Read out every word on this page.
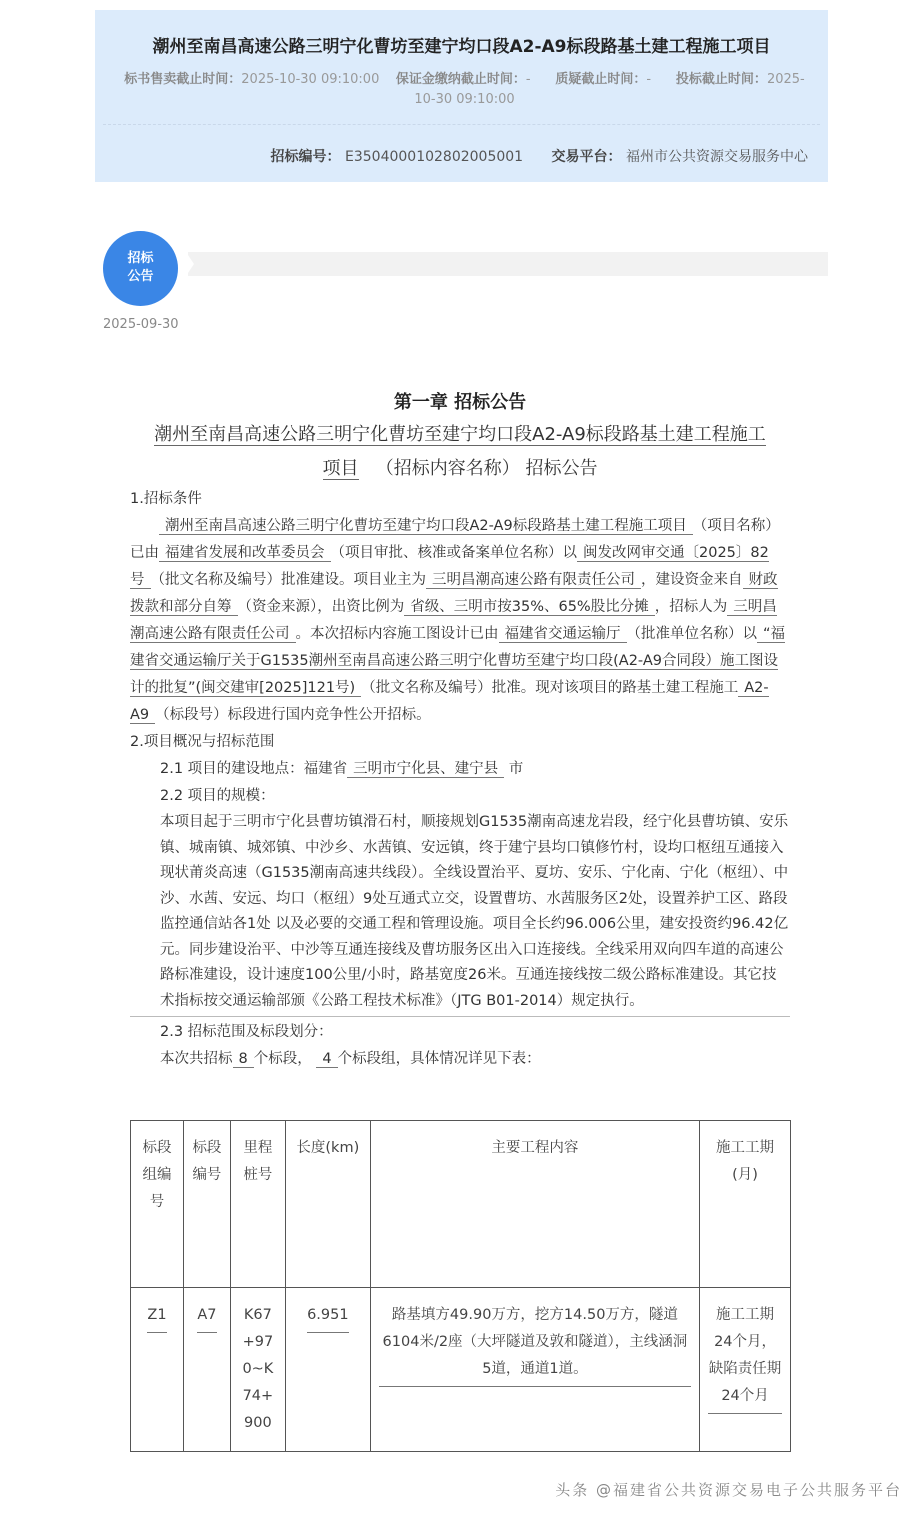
潮州至南昌高速公路三明宁化曹坊至建宁均口段A2-A9标段路基土建工程施工项目
标书售卖截止时间：2025-10-30 09:10:00 保证金缴纳截止时间：- 质疑截止时间：- 投标截止时间：2025-10-30 09:10:00
招标编号： E3504000102802005001 交易平台： 福州市公共资源交易服务中心
招标
公告
2025-09-30
第一章 招标公告
潮州至南昌高速公路三明宁化曹坊至建宁均口段A2-A9标段路基土建工程施工
项目 （招标内容名称） 招标公告
1.招标条件
潮州至南昌高速公路三明宁化曹坊至建宁均口段A2-A9标段路基土建工程施工项目 （项目名称）已由 福建省发展和改革委员会 （项目审批、核准或备案单位名称）以 闽发改网审交通〔2025〕82 号 （批文名称及编号）批准建设。项目业主为 三明昌潮高速公路有限责任公司 ，建设资金来自 财政拨款和部分自筹 （资金来源），出资比例为 省级、三明市按35%、65%股比分摊 ，招标人为 三明昌潮高速公路有限责任公司 。本次招标内容施工图设计已由 福建省交通运输厅 （批准单位名称）以 “福建省交通运输厅关于G1535潮州至南昌高速公路三明宁化曹坊至建宁均口段(A2-A9合同段）施工图设计的批复”(闽交建审[2025]121号) （批文名称及编号）批准。现对该项目的路基土建工程施工 A2-A9 （标段号）标段进行国内竞争性公开招标。
2.项目概况与招标范围
2.1 项目的建设地点：福建省 三明市宁化县、建宁县 市
2.2 项目的规模：
本项目起于三明市宁化县曹坊镇滑石村，顺接规划G1535潮南高速龙岩段，经宁化县曹坊镇、安乐镇、城南镇、城郊镇、中沙乡、水茜镇、安远镇，终于建宁县均口镇修竹村，设均口枢纽互通接入现状莆炎高速（G1535潮南高速共线段）。全线设置治平、夏坊、安乐、宁化南、宁化（枢纽）、中沙、水茜、安远、均口（枢纽）9处互通式立交，设置曹坊、水茜服务区2处，设置养护工区、路段监控通信站各1处 以及必要的交通工程和管理设施。项目全长约96.006公里，建安投资约96.42亿元。同步建设治平、中沙等互通连接线及曹坊服务区出入口连接线。全线采用双向四车道的高速公路标准建设，设计速度100公里/小时，路基宽度26米。互通连接线按二级公路标准建设。其它技术指标按交通运输部颁《公路工程技术标准》（JTG B01-2014）规定执行。
2.3 招标范围及标段划分：
本次共招标 8 个标段， 4 个标段组，具体情况详见下表：
标段组编号	标段编号	里程桩号	长度(km)	主要工程内容	施工工期(月)
Z1	A7	K67+970~K74+900	6.951	路基填方49.90万方，挖方14.50万方，隧道6104米/2座（大坪隧道及敦和隧道），主线涵洞5道，通道1道。	施工工期24个月，缺陷责任期24个月
头条 @福建省公共资源交易电子公共服务平台
